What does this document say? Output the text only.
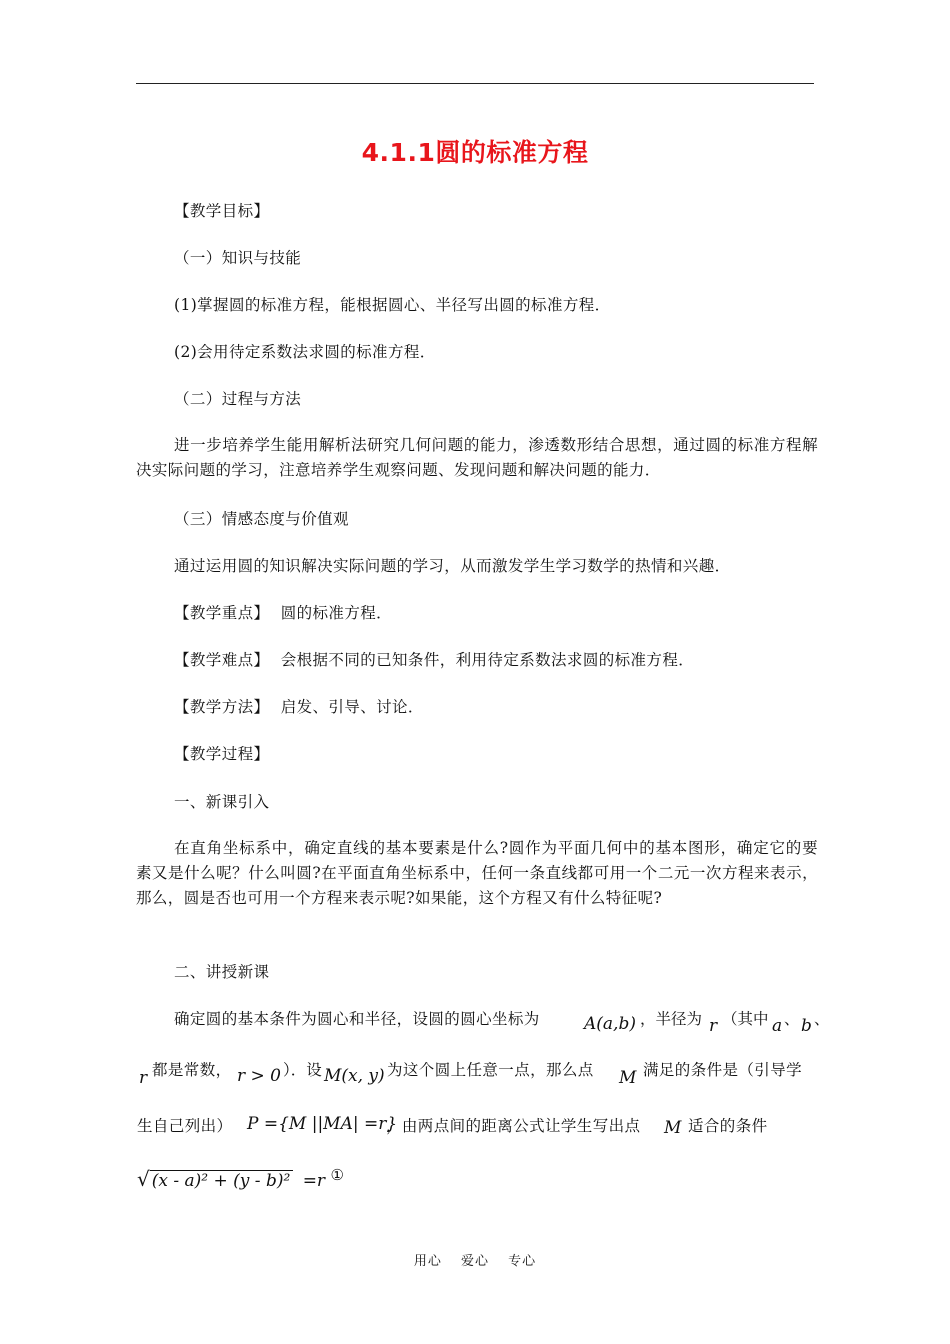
4.1.1圆的标准方程
【教学目标】
（一）知识与技能
(1)掌握圆的标准方程，能根据圆心、半径写出圆的标准方程．
(2)会用待定系数法求圆的标准方程．
（二）过程与方法
进一步培养学生能用解析法研究几何问题的能力，渗透数形结合思想，通过圆的标准方程解决实际问题的学习，注意培养学生观察问题、发现问题和解决问题的能力．
（三）情感态度与价值观
通过运用圆的知识解决实际问题的学习，从而激发学生学习数学的热情和兴趣．
【教学重点】 圆的标准方程．
【教学难点】 会根据不同的已知条件，利用待定系数法求圆的标准方程．
【教学方法】 启发、引导、讨论．
【教学过程】
一、新课引入
在直角坐标系中，确定直线的基本要素是什么?圆作为平面几何中的基本图形，确定它的要素又是什么呢？什么叫圆?在平面直角坐标系中，任何一条直线都可用一个二元一次方程来表示，那么，圆是否也可用一个方程来表示呢?如果能，这个方程又有什么特征呢?
二、讲授新课
确定圆的基本条件为圆心和半径，设圆的圆心坐标为	A(a,b) ，半径为 r （其中 a 、 b 、
r 都是常数， r > 0 ）．设 M(x, y) 为这个圆上任意一点，那么点 M 满足的条件是（引导学
生自己列出） P ={M ||MA| =r}
，由两点间的距离公式让学生写出点 M 适合的条件
√ (x - a)² + (y - b)² =r ①
用心 爱心 专心
